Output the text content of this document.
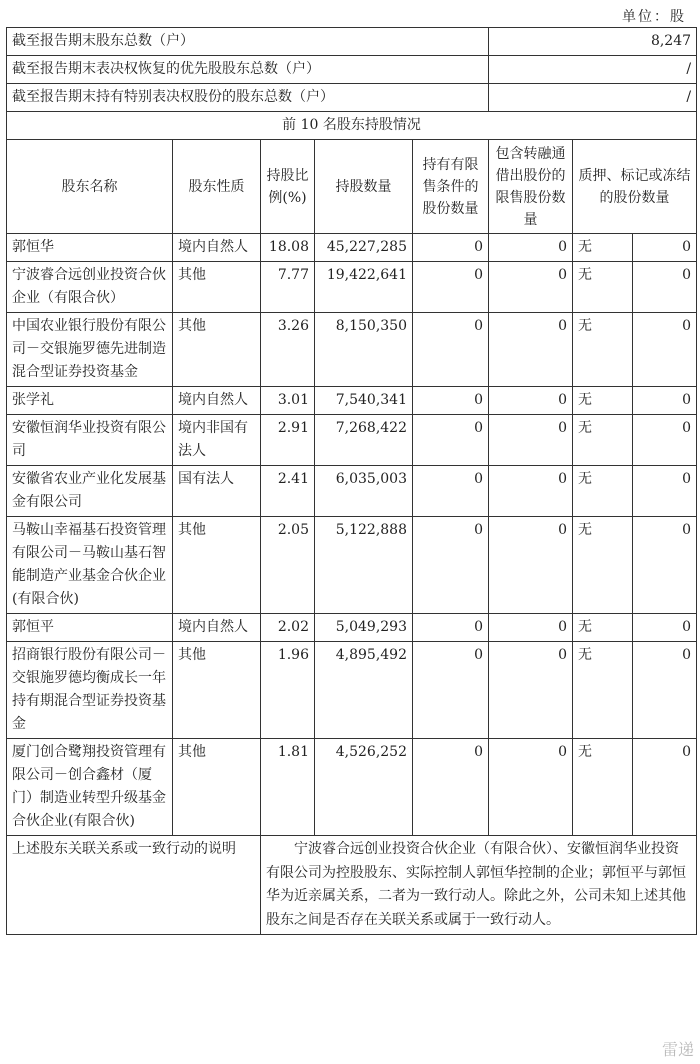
单位：股
截至报告期末股东总数（户）					8,247		
截至报告期末表决权恢复的优先股股东总数（户）					/		
截至报告期末持有特别表决权股份的股东总数（户）					/		
前 10 名股东持股情况							
股东名称	股东性质	持股比例(%)	持股数量	持有有限售条件的股份数量	包含转融通借出股份的限售股份数量	质押、标记或冻结的股份数量	
郭恒华	境内自然人	18.08	45,227,285	0	0	无	0
宁波睿合远创业投资合伙企业（有限合伙）	其他	7.77	19,422,641	0	0	无	0
中国农业银行股份有限公司－交银施罗德先进制造混合型证券投资基金	其他	3.26	8,150,350	0	0	无	0
张学礼	境内自然人	3.01	7,540,341	0	0	无	0
安徽恒润华业投资有限公司	境内非国有法人	2.91	7,268,422	0	0	无	0
安徽省农业产业化发展基金有限公司	国有法人	2.41	6,035,003	0	0	无	0
马鞍山幸福基石投资管理有限公司－马鞍山基石智能制造产业基金合伙企业(有限合伙)	其他	2.05	5,122,888	0	0	无	0
郭恒平	境内自然人	2.02	5,049,293	0	0	无	0
招商银行股份有限公司－交银施罗德均衡成长一年持有期混合型证券投资基金	其他	1.96	4,895,492	0	0	无	0
厦门创合鹭翔投资管理有限公司－创合鑫材（厦门）制造业转型升级基金合伙企业(有限合伙)	其他	1.81	4,526,252	0	0	无	0
上述股东关联关系或一致行动的说明		宁波睿合远创业投资合伙企业（有限合伙）、安徽恒润华业投资有限公司为控股股东、实际控制人郭恒华控制的企业；郭恒平与郭恒华为近亲属关系，二者为一致行动人。除此之外，公司未知上述其他股东之间是否存在关联关系或属于一致行动人。					
雷递
